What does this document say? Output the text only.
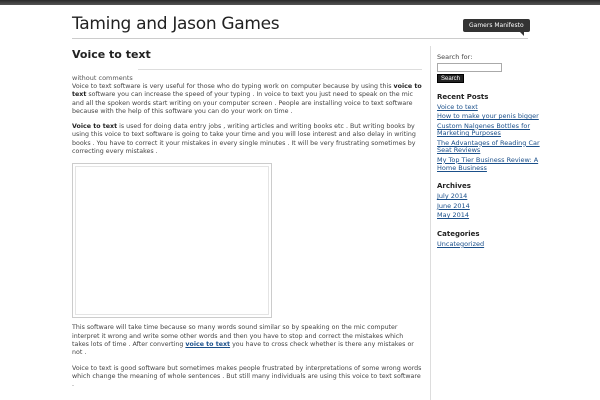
Taming and Jason Games	Gamers Manifesto
Voice to text
without comments

Voice to text software is very useful for those who do typing work on computer because by using this voice to text software you can increase the speed of your typing . In voice to text you just need to speak on the mic and all the spoken words start writing on your computer screen . People are installing voice to text software because with the help of this software you can do your work on time .

Voice to text is used for doing data entry jobs , writing articles and writing books etc . But writing books by using this voice to text software is going to take your time and you will lose interest and also delay in writing books . You have to correct it your mistakes in every single minutes . It will be very frustrating sometimes by correcting every mistakes .

This software will take time because so many words sound similar so by speaking on the mic computer interpret it wrong and write some other words and then you have to stop and correct the mistakes which takes lots of time . After converting voice to text you have to cross check whether is there any mistakes or not .

Voice to text is good software but sometimes makes people frustrated by interpretations of some wrong words which change the meaning of whole sentences . But still many individuals are using this voice to text software .

Search for:
Search
Recent Posts
Voice to text
How to make your penis bigger
Custom Nalgenes Bottles for Marketing Purposes
The Advantages of Reading Car Seat Reviews
My Top Tier Business Review: A Home Business
Archives
July 2014
June 2014
May 2014
Categories
Uncategorized
